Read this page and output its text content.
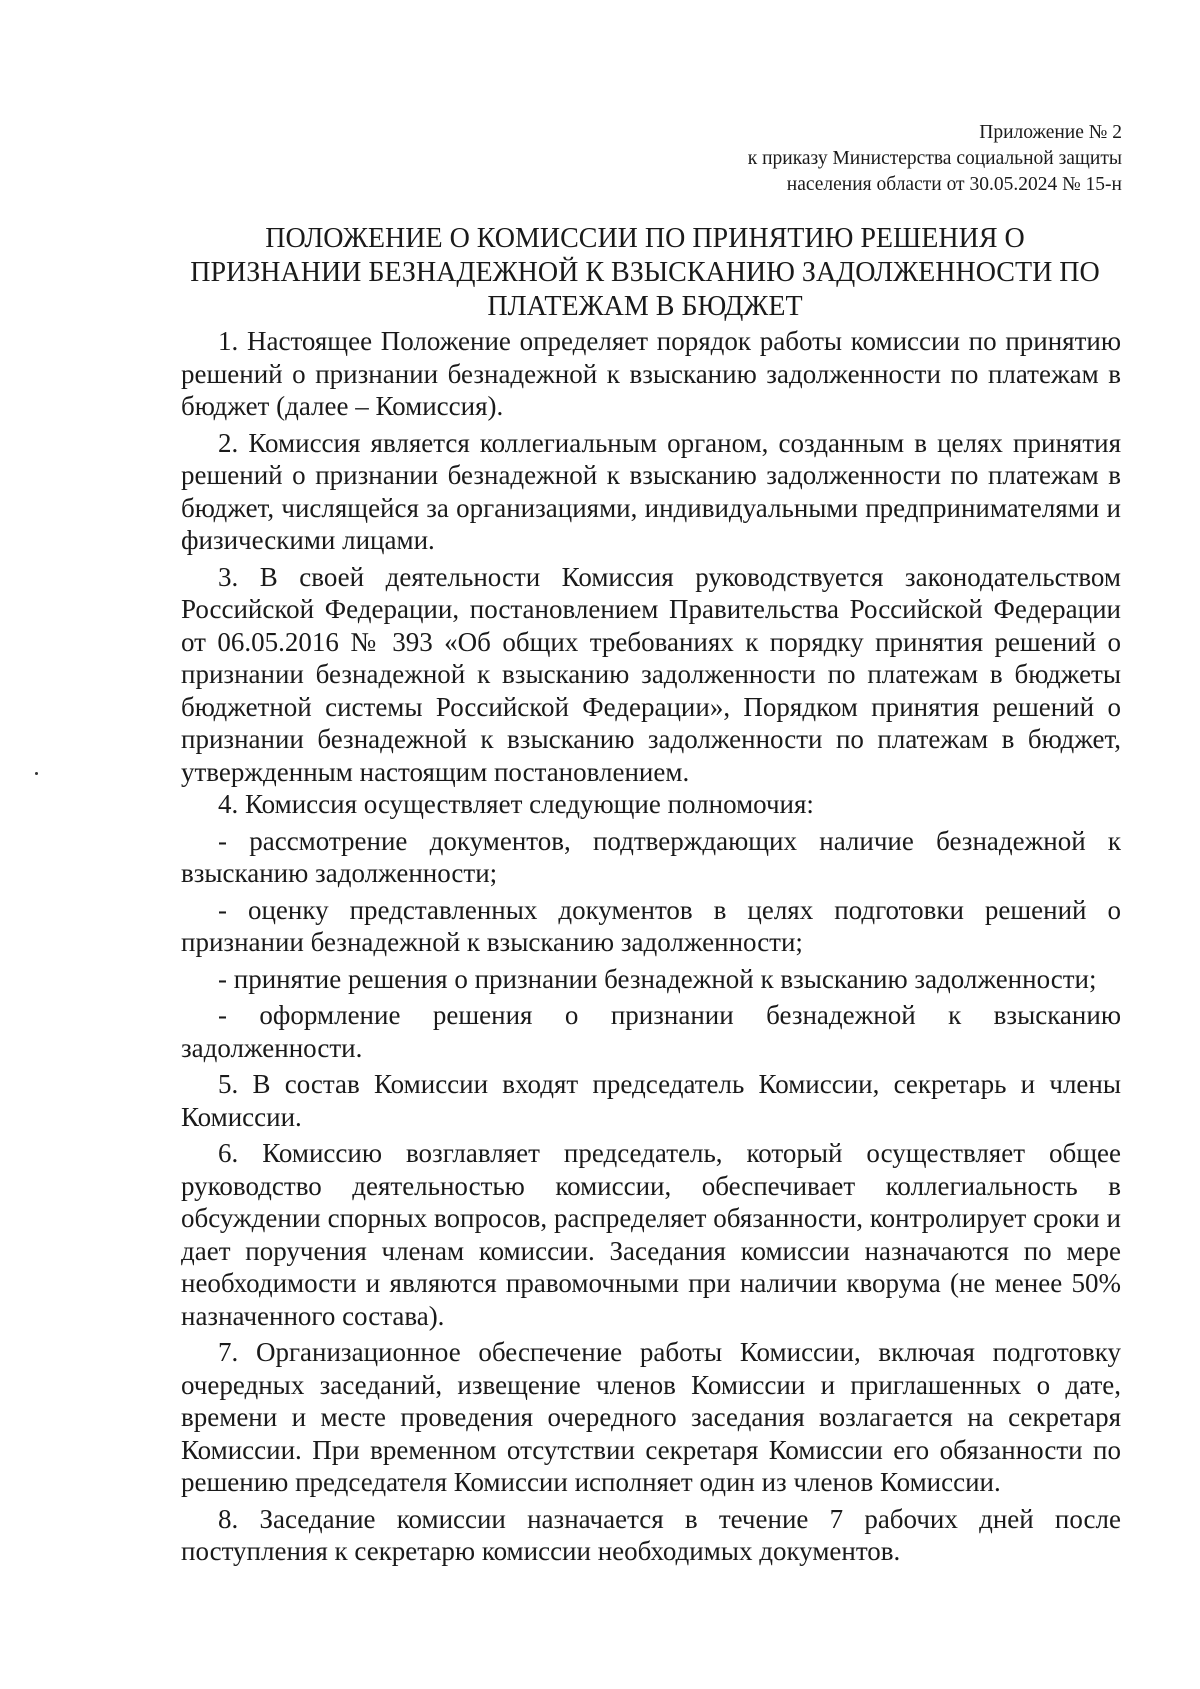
Приложение № 2
к приказу Министерства социальной защиты
населения области от 30.05.2024 № 15-н
ПОЛОЖЕНИЕ О КОМИССИИ ПО ПРИНЯТИЮ РЕШЕНИЯ О
ПРИЗНАНИИ БЕЗНАДЕЖНОЙ К ВЗЫСКАНИЮ ЗАДОЛЖЕННОСТИ ПО
ПЛАТЕЖАМ В БЮДЖЕТ

1. Настоящее Положение определяет порядок работы комиссии по принятию решений о признании безнадежной к взысканию задолженности по платежам в бюджет (далее – Комиссия).

2. Комиссия является коллегиальным органом, созданным в целях принятия решений о признании безнадежной к взысканию задолженности по платежам в бюджет, числящейся за организациями, индивидуальными предпринимателями и физическими лицами.

3. В своей деятельности Комиссия руководствуется законодательством Российской Федерации, постановлением Правительства Российской Федерации от 06.05.2016 № 393 «Об общих требованиях к порядку принятия решений о признании безнадежной к взысканию задолженности по платежам в бюджеты бюджетной системы Российской Федерации», Порядком принятия решений о признании безнадежной к взысканию задолженности по платежам в бюджет, утвержденным настоящим постановлением.

4. Комиссия осуществляет следующие полномочия:

- рассмотрение документов, подтверждающих наличие безнадежной к взысканию задолженности;

- оценку представленных документов в целях подготовки решений о признании безнадежной к взысканию задолженности;

- принятие решения о признании безнадежной к взысканию задолженности;

- оформление решения о признании безнадежной к взысканию задолженности.

5. В состав Комиссии входят председатель Комиссии, секретарь и члены Комиссии.

6. Комиссию возглавляет председатель, который осуществляет общее руководство деятельностью комиссии, обеспечивает коллегиальность в обсуждении спорных вопросов, распределяет обязанности, контролирует сроки и дает поручения членам комиссии. Заседания комиссии назначаются по мере необходимости и являются правомочными при наличии кворума (не менее 50% назначенного состава).

7. Организационное обеспечение работы Комиссии, включая подготовку очередных заседаний, извещение членов Комиссии и приглашенных о дате, времени и месте проведения очередного заседания возлагается на секретаря Комиссии. При временном отсутствии секретаря Комиссии его обязанности по решению председателя Комиссии исполняет один из членов Комиссии.

8. Заседание комиссии назначается в течение 7 рабочих дней после поступления к секретарю комиссии необходимых документов.
